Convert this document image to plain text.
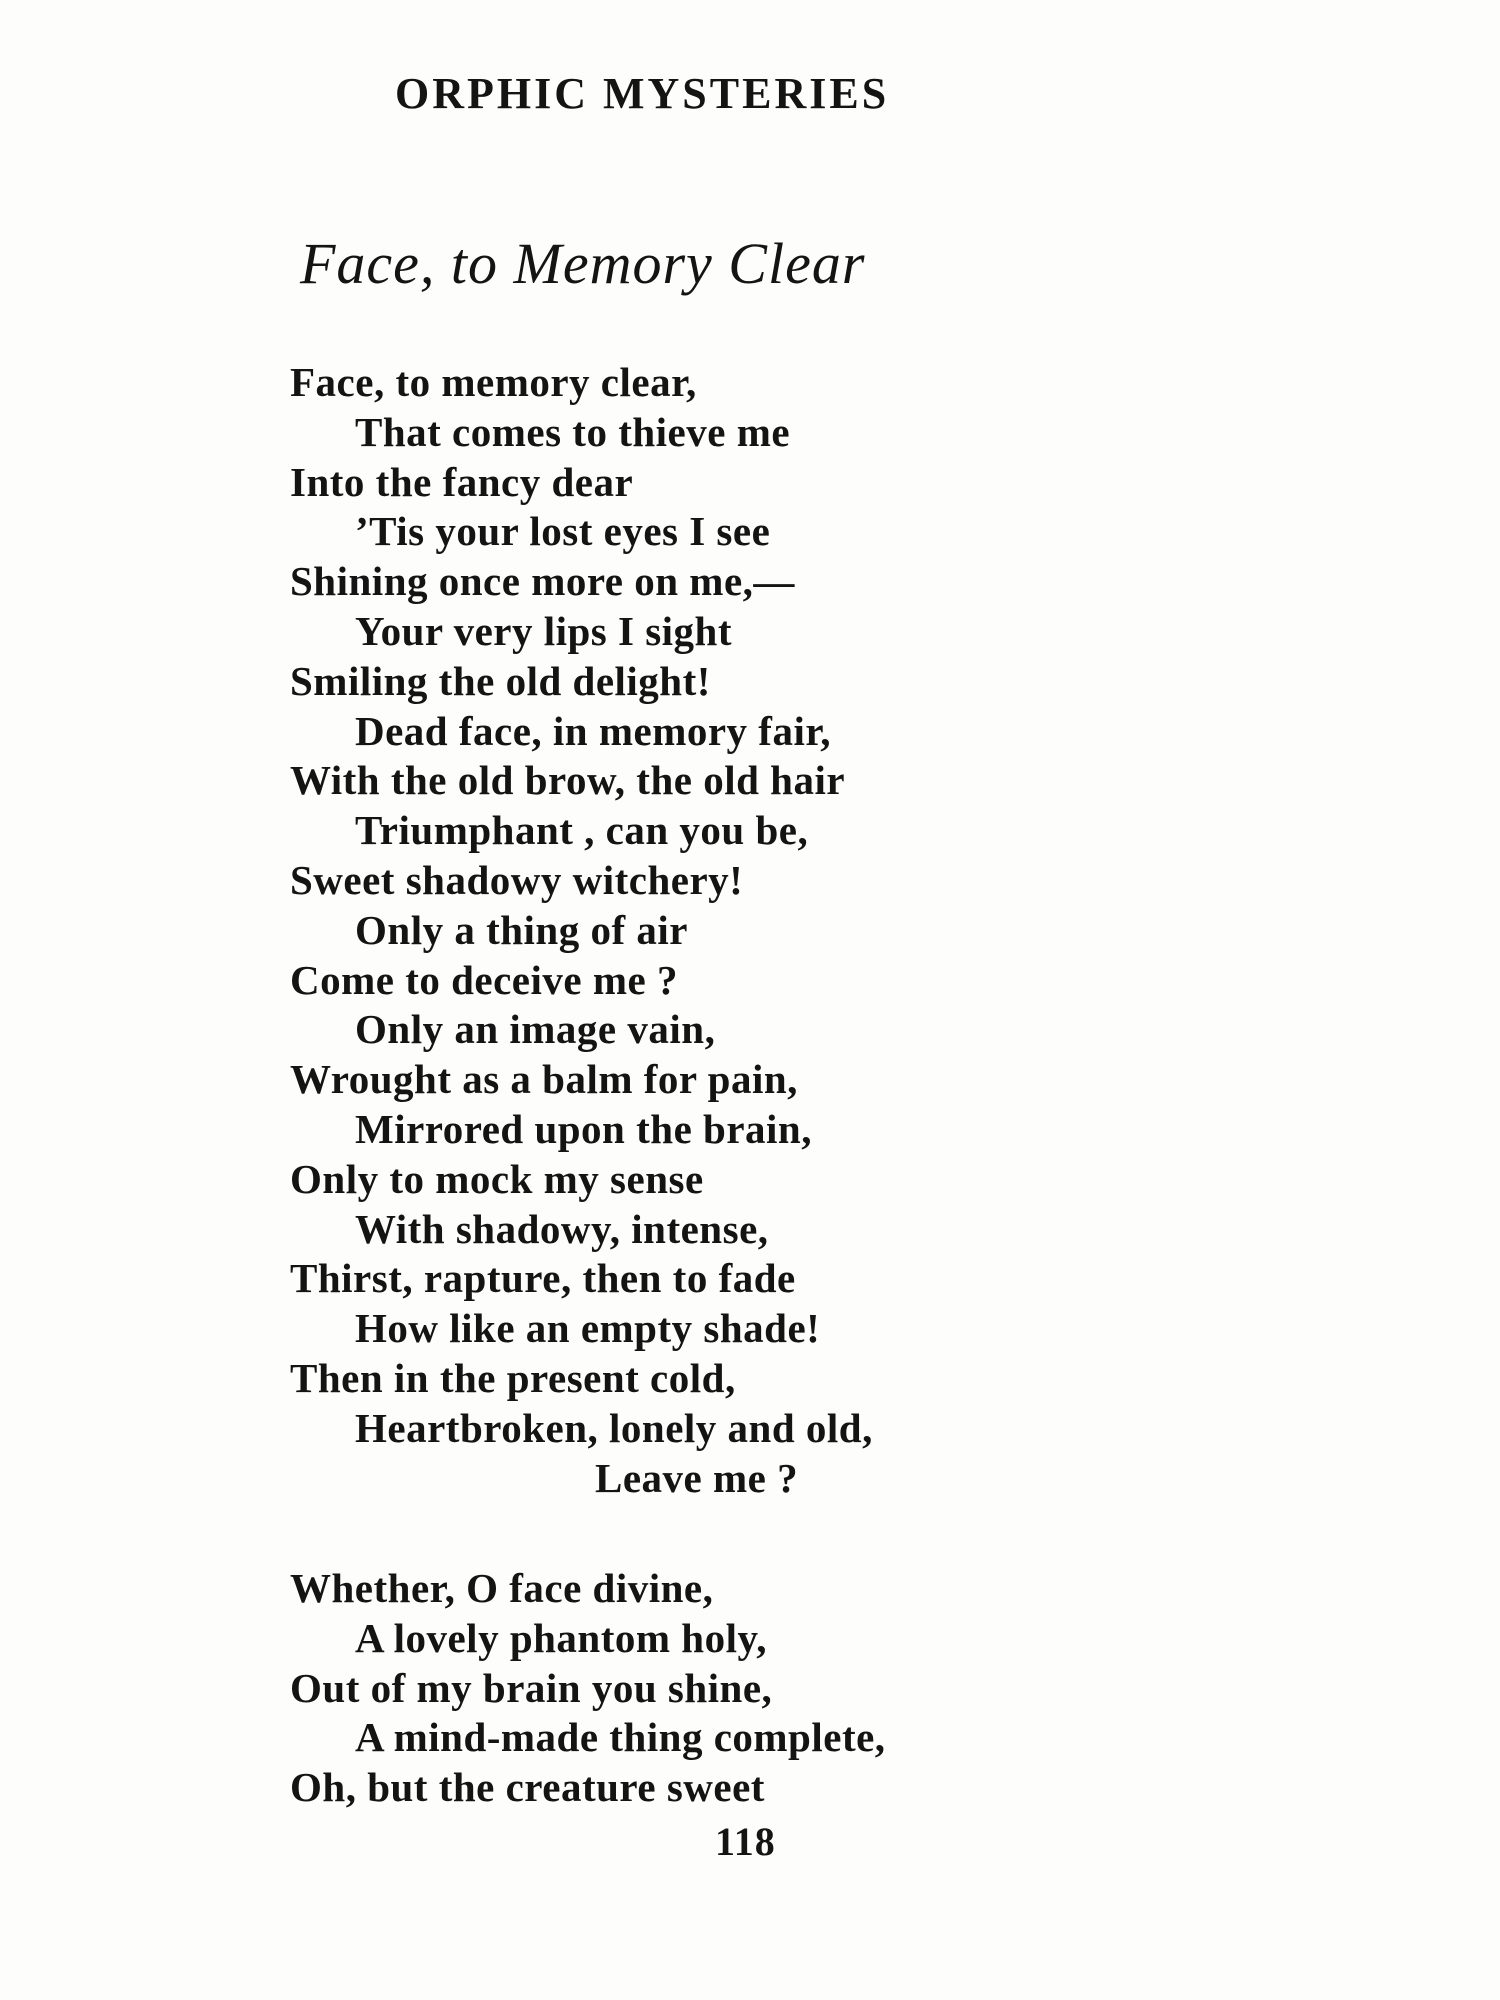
ORPHIC MYSTERIES
Face, to Memory Clear
Face, to memory clear,
That comes to thieve me
Into the fancy dear
’Tis your lost eyes I see
Shining once more on me,—
Your very lips I sight
Smiling the old delight!
Dead face, in memory fair,
With the old brow, the old hair
Triumphant , can you be,
Sweet shadowy witchery!
Only a thing of air
Come to deceive me ?
Only an image vain,
Wrought as a balm for pain,
Mirrored upon the brain,
Only to mock my sense
With shadowy, intense,
Thirst, rapture, then to fade
How like an empty shade!
Then in the present cold,
Heartbroken, lonely and old,
Leave me ?
Whether, O face divine,
A lovely phantom holy,
Out of my brain you shine,
A mind-made thing complete,
Oh, but the creature sweet
118
